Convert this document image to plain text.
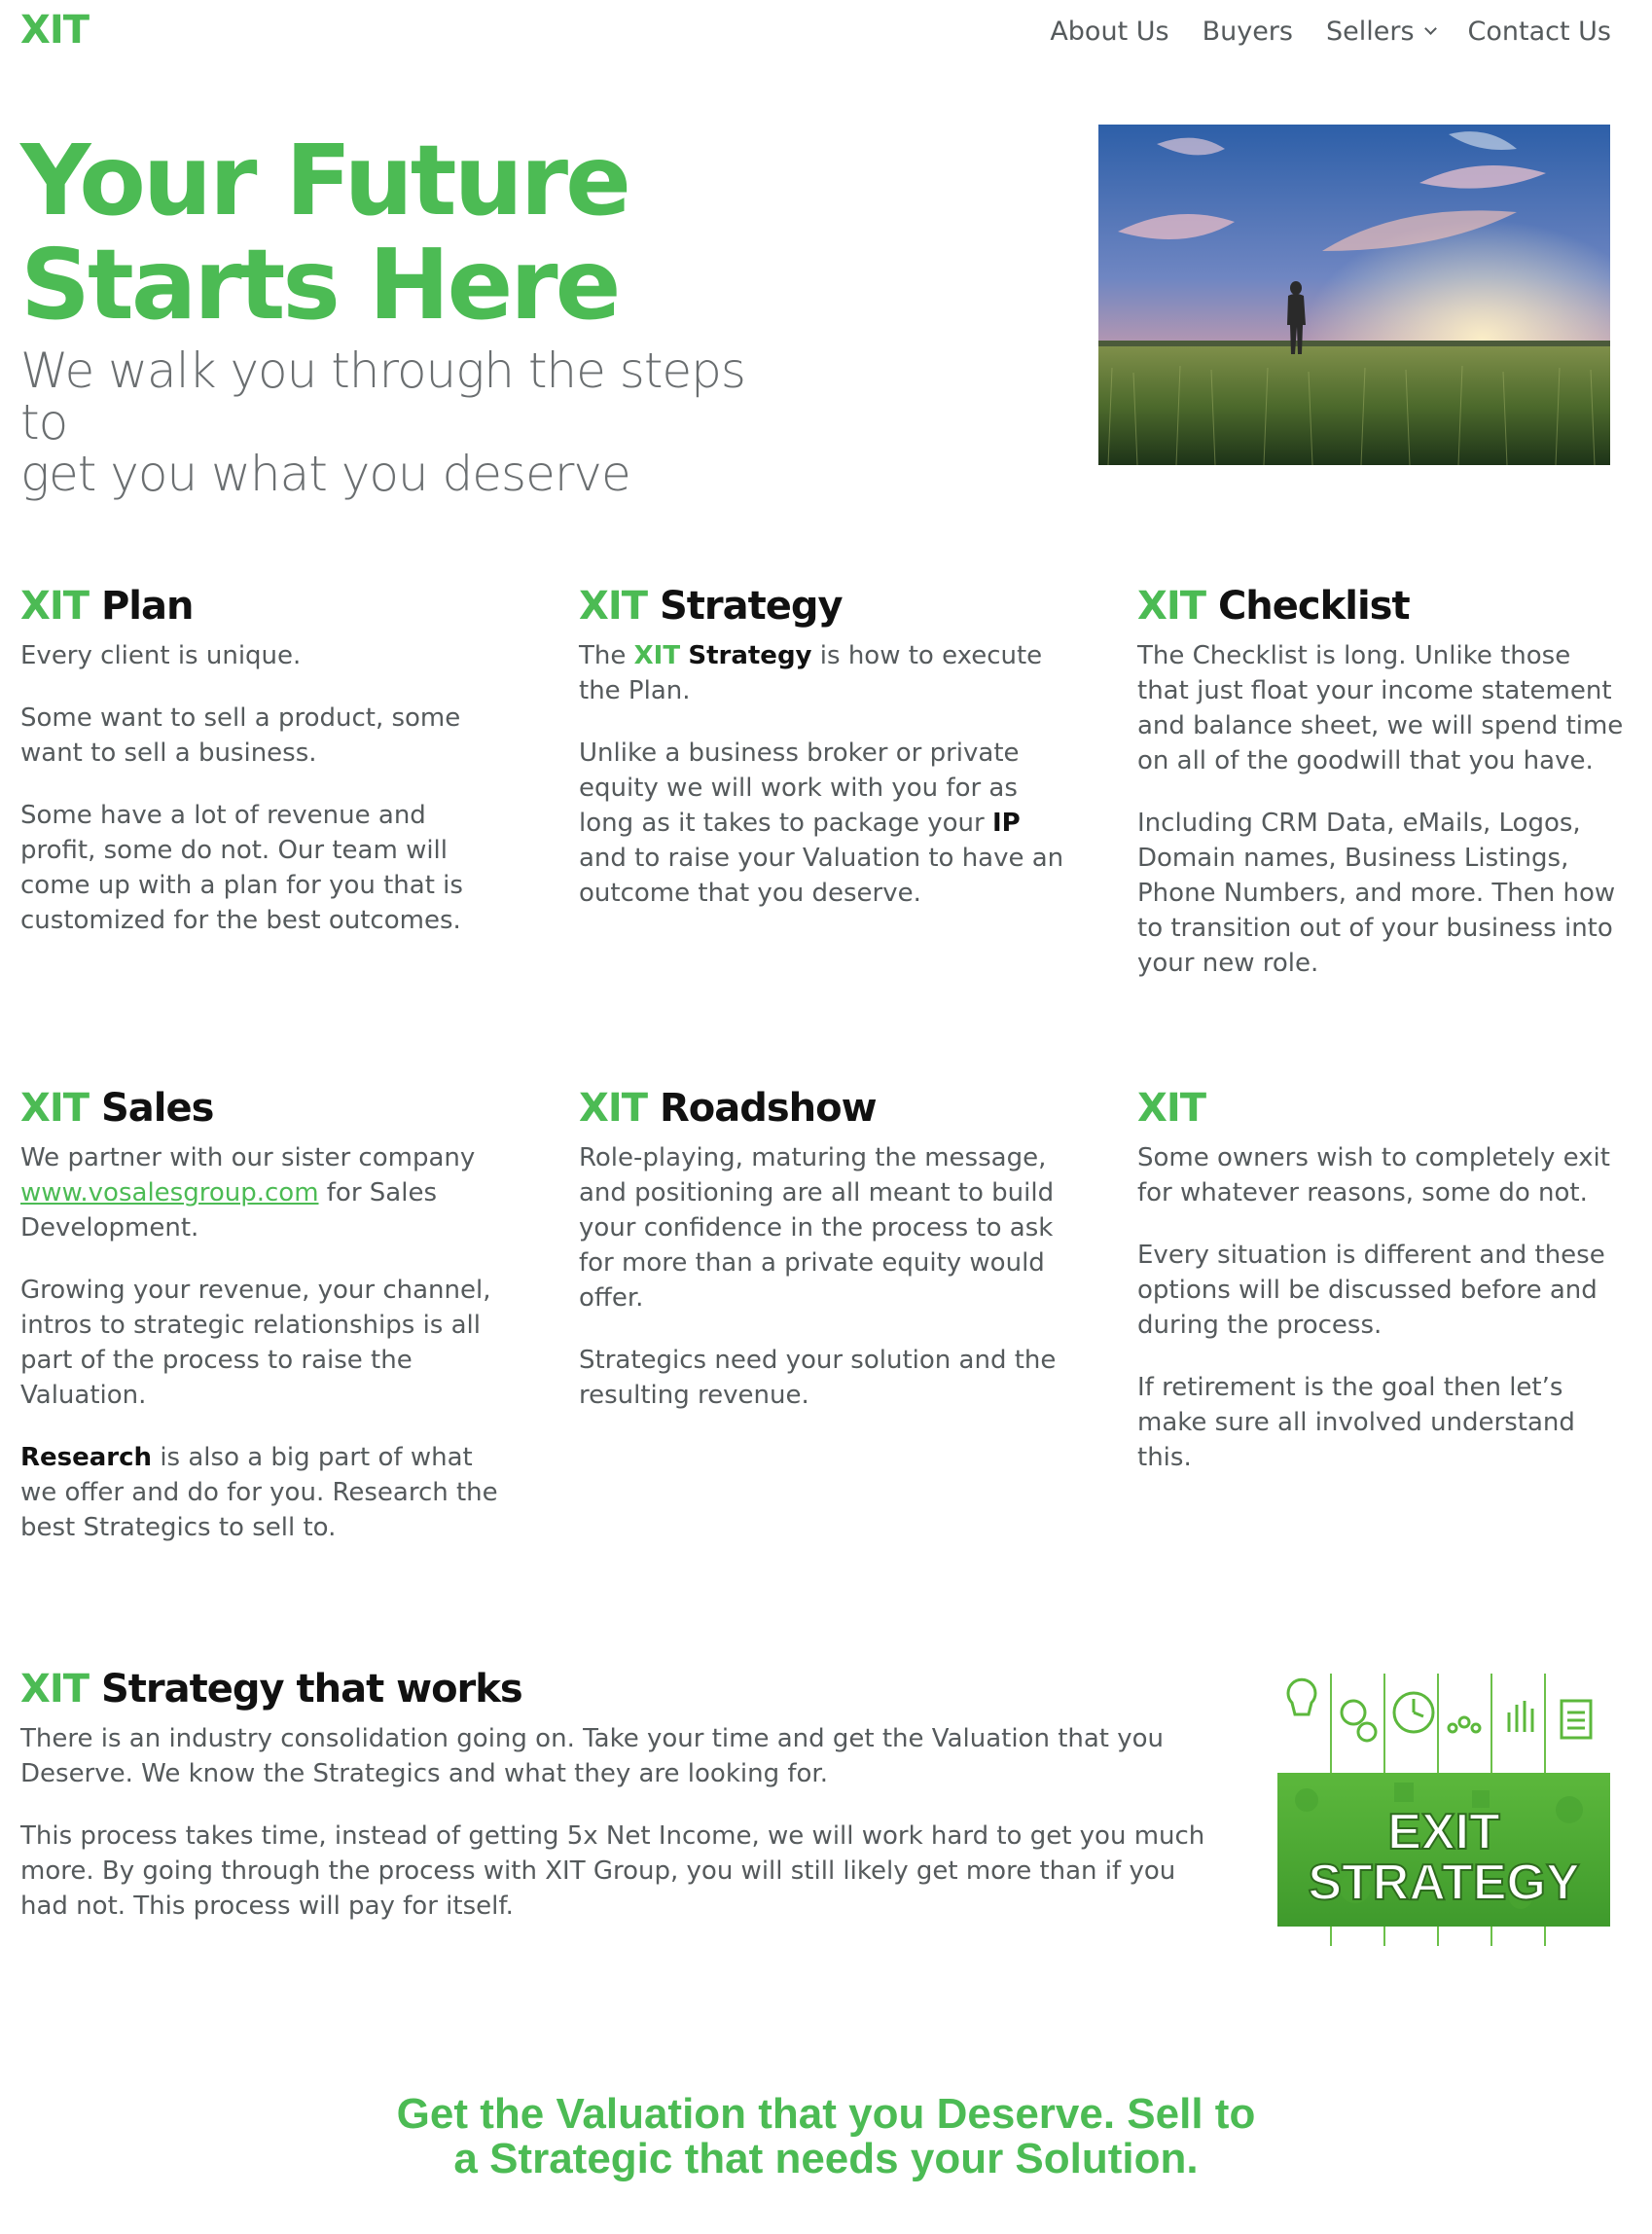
XIT	About Us Buyers Sellers Contact Us
Your Future
Starts Here
We walk you through the steps to
get you what you deserve
XIT Plan

Every client is unique.

Some want to sell a product, some want to sell a business.

Some have a lot of revenue and profit, some do not. Our team will come up with a plan for you that is customized for the best outcomes.

XIT Strategy

The XIT Strategy is how to execute the Plan.

Unlike a business broker or private equity we will work with you for as long as it takes to package your IP and to raise your Valuation to have an outcome that you deserve.

XIT Checklist

The Checklist is long. Unlike those that just float your income statement and balance sheet, we will spend time on all of the goodwill that you have.

Including CRM Data, eMails, Logos, Domain names, Business Listings, Phone Numbers, and more. Then how to transition out of your business into your new role.

XIT Sales

We partner with our sister company www.vosalesgroup.com for Sales Development.

Growing your revenue, your channel, intros to strategic relationships is all part of the process to raise the Valuation.

Research is also a big part of what we offer and do for you. Research the best Strategics to sell to.

XIT Roadshow

Role-playing, maturing the message, and positioning are all meant to build your confidence in the process to ask for more than a private equity would offer.

Strategics need your solution and the resulting revenue.

XIT

Some owners wish to completely exit for whatever reasons, some do not.

Every situation is different and these options will be discussed before and during the process.

If retirement is the goal then let’s make sure all involved understand this.

XIT Strategy that works

There is an industry consolidation going on. Take your time and get the Valuation that you Deserve. We know the Strategics and what they are looking for.

This process takes time, instead of getting 5x Net Income, we will work hard to get you much more. By going through the process with XIT Group, you will still likely get more than if you had not. This process will pay for itself.

EXIT
STRATEGY
Get the Valuation that you Deserve. Sell to
a Strategic that needs your Solution.
